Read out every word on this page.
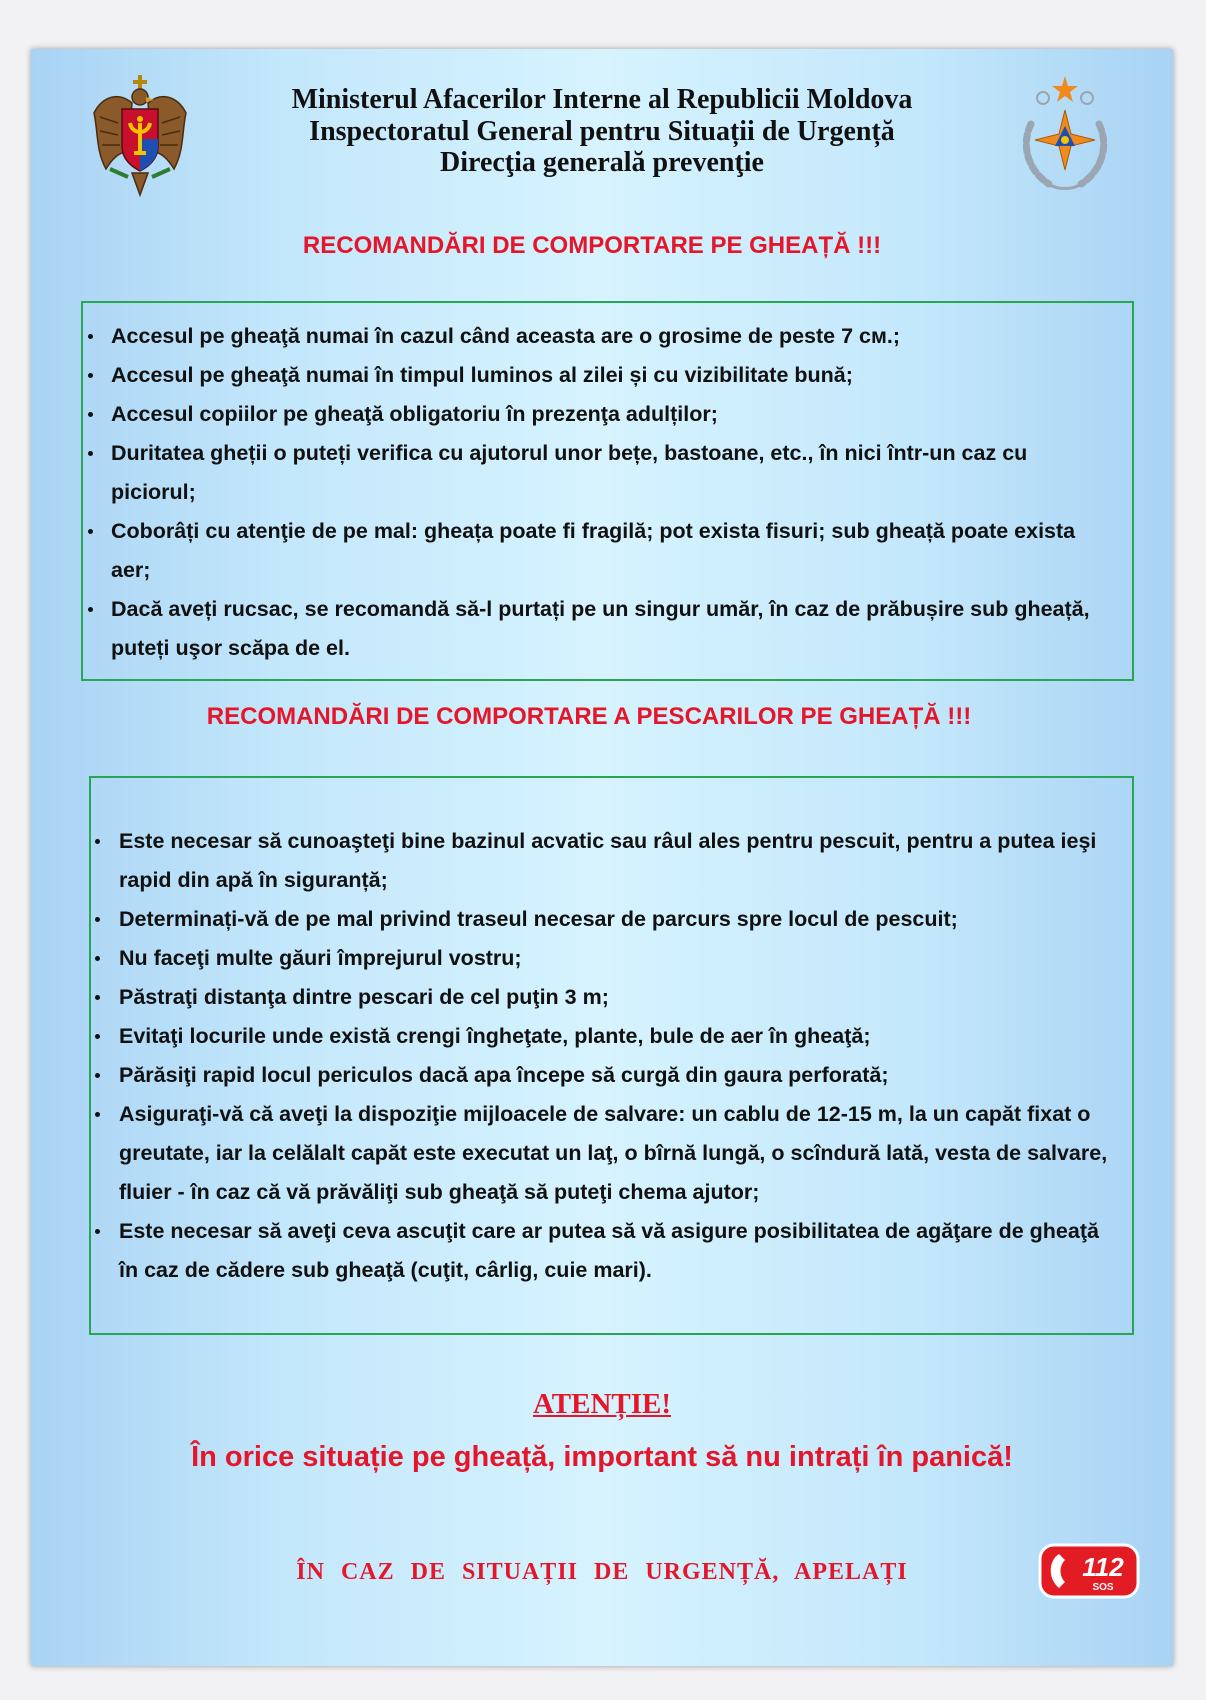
Ministerul Afacerilor Interne al Republicii Moldova
Inspectoratul General pentru Situații de Urgență
Direcţia generală prevenţie
RECOMANDĂRI DE COMPORTARE PE GHEAȚĂ !!!
Accesul pe gheaţă numai în cazul când aceasta are o grosime de peste 7 см.;
Accesul pe gheaţă numai în timpul luminos al zilei și cu vizibilitate bună;
Accesul copiilor pe gheaţă obligatoriu în prezenţa adulților;
Duritatea gheții o puteți verifica cu ajutorul unor bețe, bastoane, etc., în nici într-un caz cu piciorul;
Coborâți cu atenţie de pe mal: gheața poate fi fragilă; pot exista fisuri; sub gheață poate exista aer;
Dacă aveți rucsac, se recomandă să-l purtați pe un singur umăr, în caz de prăbușire sub gheață, puteți uşor scăpa de el.
RECOMANDĂRI DE COMPORTARE A PESCARILOR PE GHEAȚĂ !!!
Este necesar să cunoaşteţi bine bazinul acvatic sau râul ales pentru pescuit, pentru a putea ieşi rapid din apă în siguranță;
Determinați-vă de pe mal privind traseul necesar de parcurs spre locul de pescuit;
Nu faceţi multe găuri împrejurul vostru;
Păstraţi distanţa dintre pescari de cel puţin 3 m;
Evitaţi locurile unde există crengi îngheţate, plante, bule de aer în gheaţă;
Părăsiţi rapid locul periculos dacă apa începe să curgă din gaura perforată;
Asiguraţi-vă că aveţi la dispoziţie mijloacele de salvare: un cablu de 12-15 m, la un capăt fixat o greutate, iar la celălalt capăt este executat un laţ, o bîrnă lungă, o scîndură lată, vesta de salvare, fluier - în caz că vă prăvăliţi sub gheaţă să puteţi chema ajutor;
Este necesar să aveţi ceva ascuţit care ar putea să vă asigure posibilitatea de agăţare de gheaţă în caz de cădere sub gheaţă (cuţit, cârlig, cuie mari).
ATENȚIE!
În orice situație pe gheață, important să nu intrați în panică!
ÎN CAZ DE SITUAȚII DE URGENȚĂ, APELAȚI	112
SOS
